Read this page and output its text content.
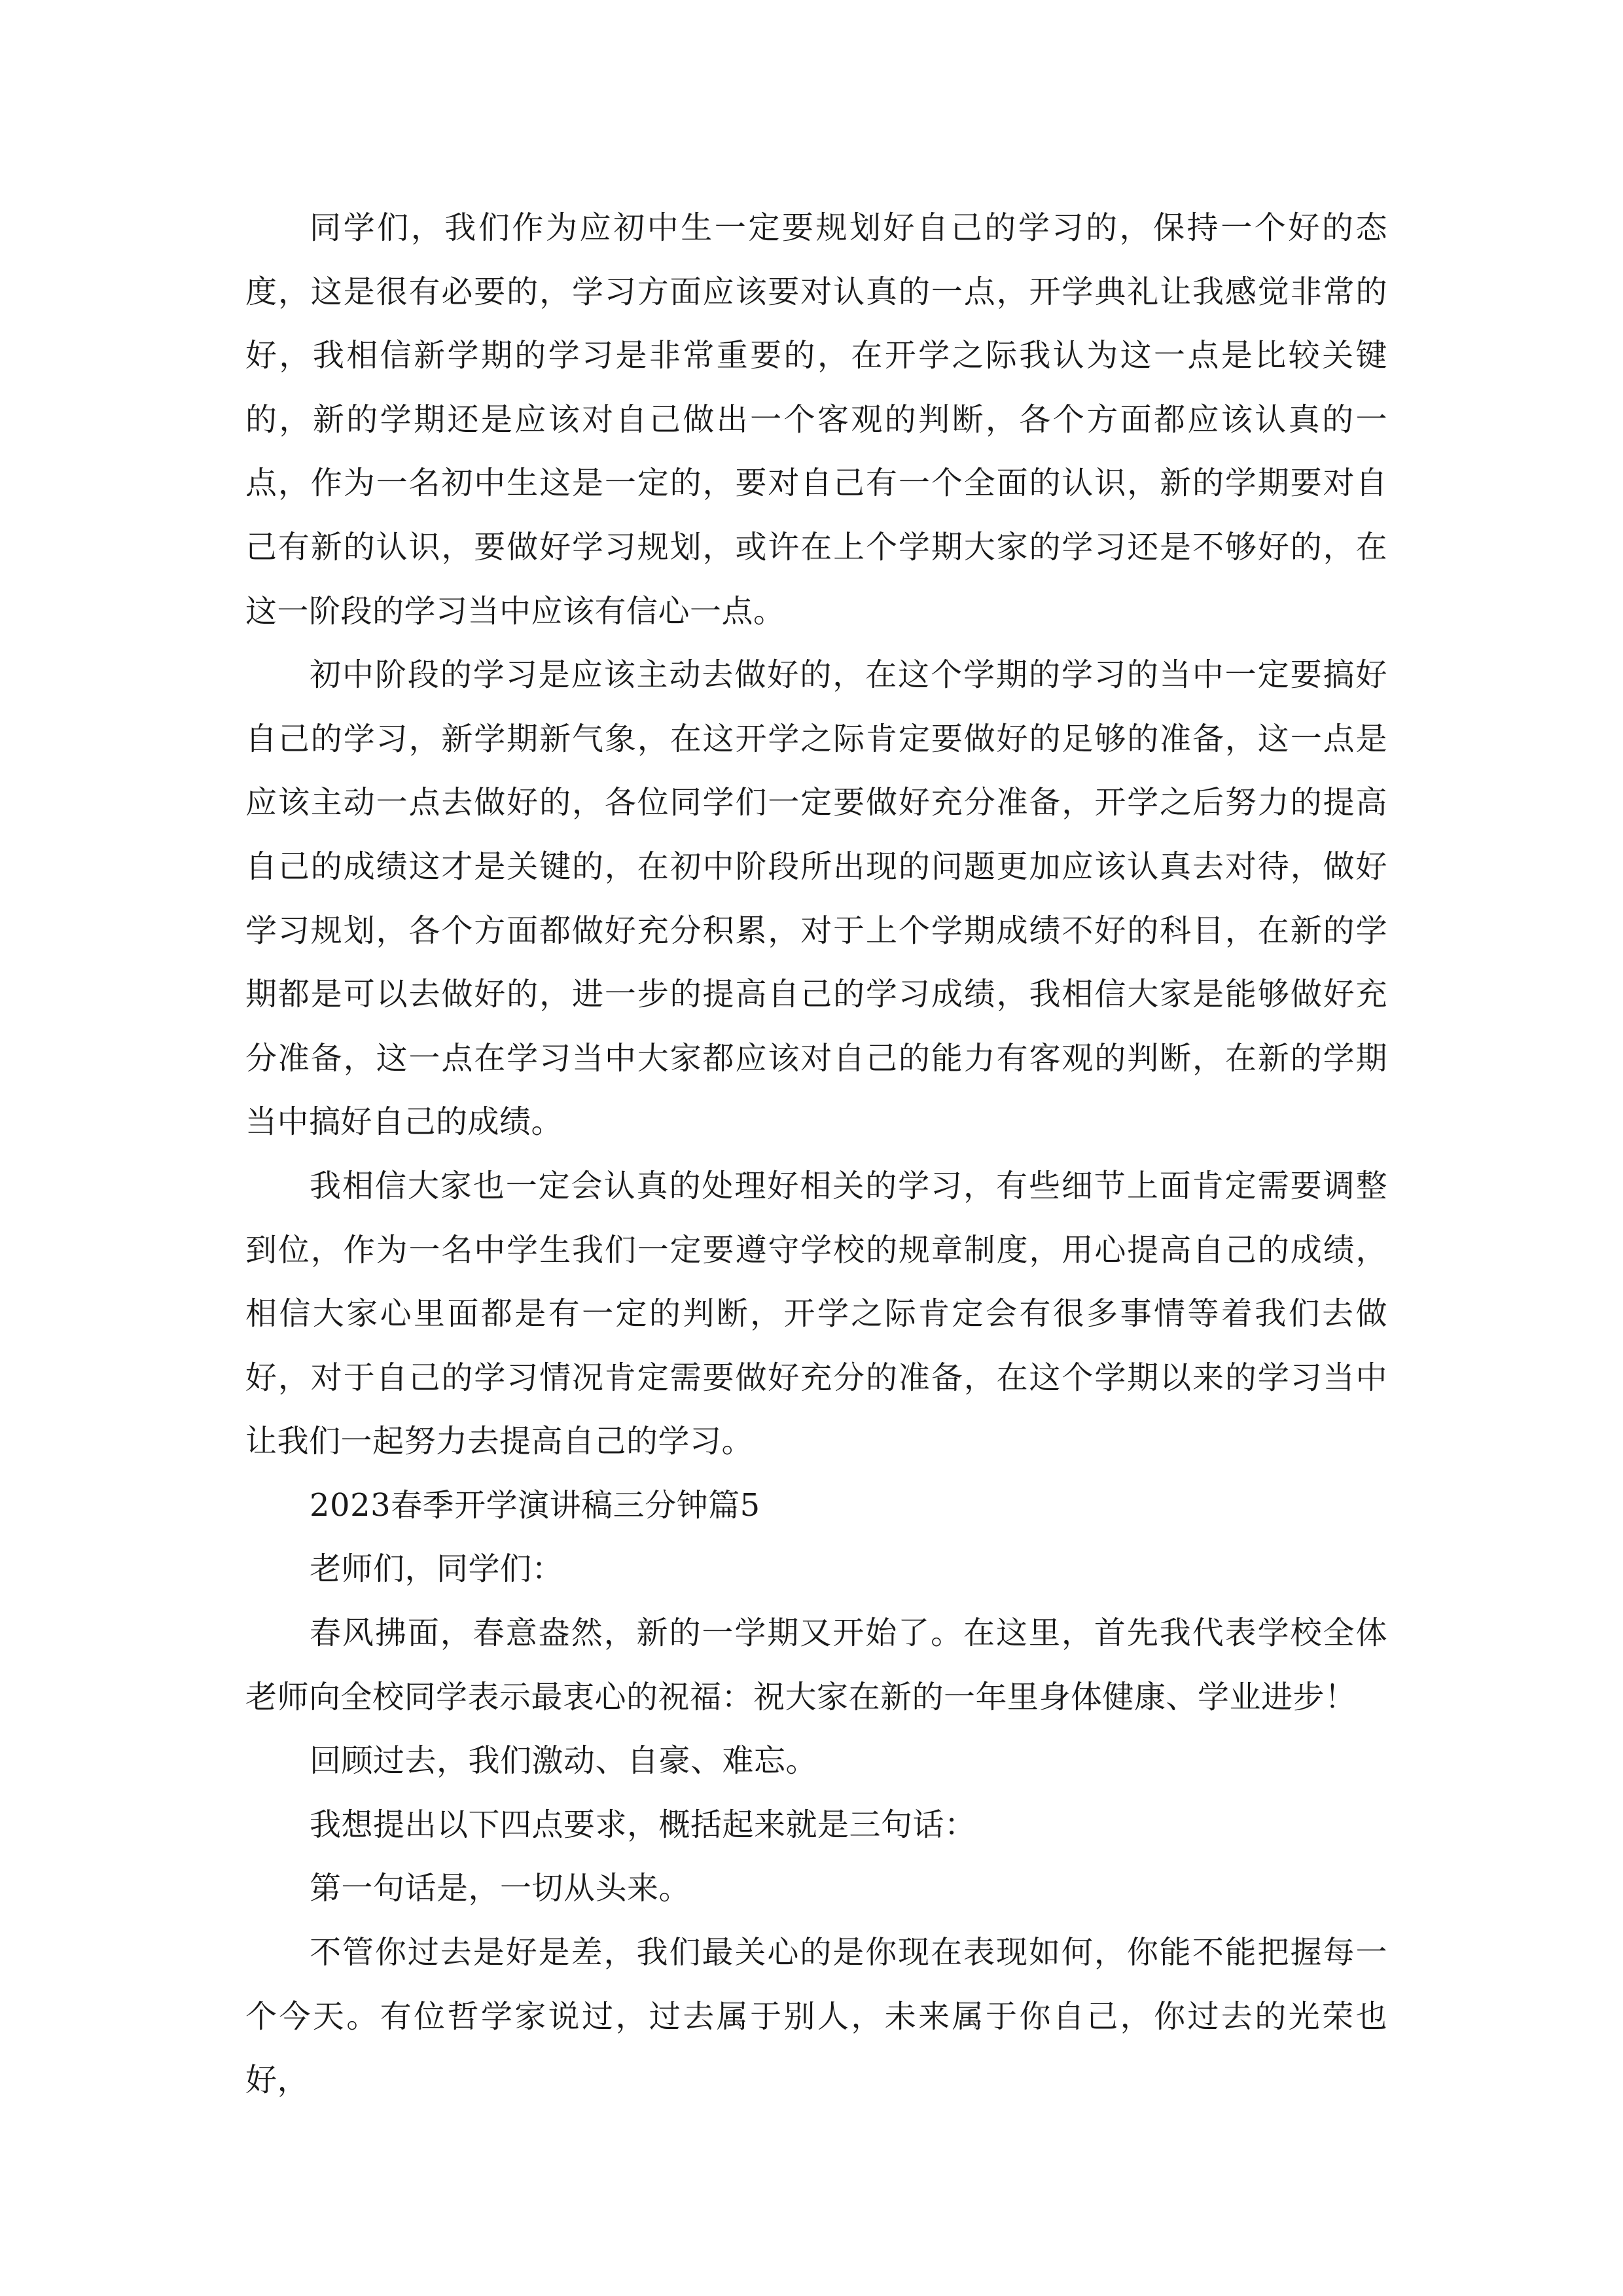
同学们，我们作为应初中生一定要规划好自己的学习的，保持一个好的态度，这是很有必要的，学习方面应该要对认真的一点，开学典礼让我感觉非常的好，我相信新学期的学习是非常重要的，在开学之际我认为这一点是比较关键的，新的学期还是应该对自己做出一个客观的判断，各个方面都应该认真的一点，作为一名初中生这是一定的，要对自己有一个全面的认识，新的学期要对自己有新的认识，要做好学习规划，或许在上个学期大家的学习还是不够好的，在这一阶段的学习当中应该有信心一点。

初中阶段的学习是应该主动去做好的，在这个学期的学习的当中一定要搞好自己的学习，新学期新气象，在这开学之际肯定要做好的足够的准备，这一点是应该主动一点去做好的，各位同学们一定要做好充分准备，开学之后努力的提高自己的成绩这才是关键的，在初中阶段所出现的问题更加应该认真去对待，做好学习规划，各个方面都做好充分积累，对于上个学期成绩不好的科目，在新的学期都是可以去做好的，进一步的提高自己的学习成绩，我相信大家是能够做好充分准备，这一点在学习当中大家都应该对自己的能力有客观的判断，在新的学期当中搞好自己的成绩。

我相信大家也一定会认真的处理好相关的学习，有些细节上面肯定需要调整到位，作为一名中学生我们一定要遵守学校的规章制度，用心提高自己的成绩，相信大家心里面都是有一定的判断，开学之际肯定会有很多事情等着我们去做好，对于自己的学习情况肯定需要做好充分的准备，在这个学期以来的学习当中让我们一起努力去提高自己的学习。

2023春季开学演讲稿三分钟篇5

老师们，同学们：

春风拂面，春意盎然，新的一学期又开始了。在这里，首先我代表学校全体老师向全校同学表示最衷心的祝福：祝大家在新的一年里身体健康、学业进步！

回顾过去，我们激动、自豪、难忘。

我想提出以下四点要求，概括起来就是三句话：

第一句话是，一切从头来。

不管你过去是好是差，我们最关心的是你现在表现如何，你能不能把握每一个今天。有位哲学家说过，过去属于别人，未来属于你自己，你过去的光荣也好，
